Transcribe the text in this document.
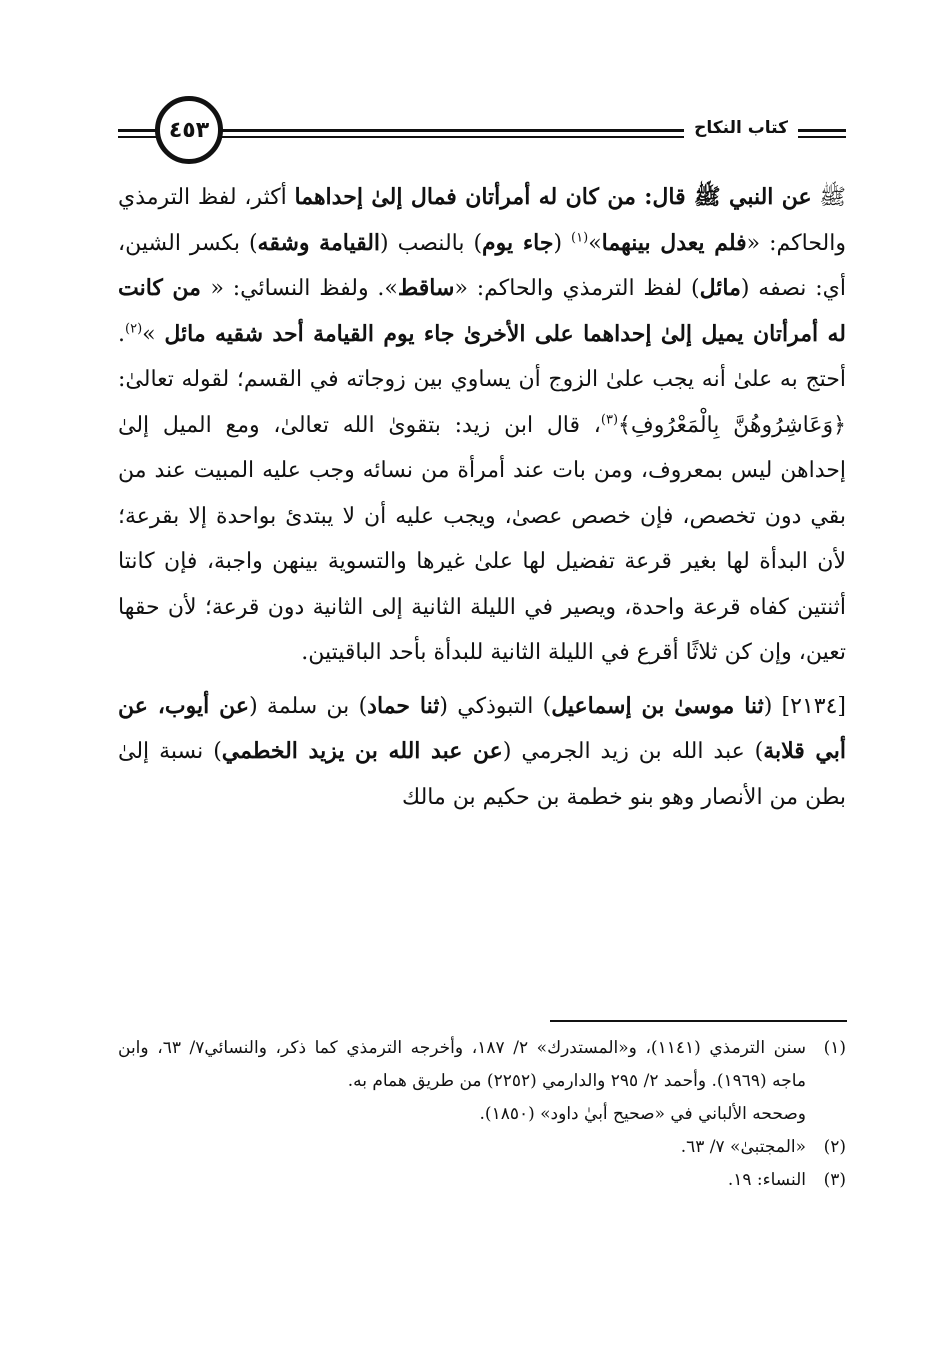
كتاب النكاح
٤٥٣

ﷺ عن النبي ﷺ قال: من كان له أمرأتان فمال إلىٰ إحداهما أكثر، لفظ الترمذي والحاكم: «فلم يعدل بينهما»$^{(١)}$ (جاء يوم) بالنصب (القيامة وشقه) بكسر الشين، أي: نصفه (مائل) لفظ الترمذي والحاكم: «ساقط». ولفظ النسائي: « من كانت له أمرأتان يميل إلىٰ إحداهما على الأخرىٰ جاء يوم القيامة أحد شقيه مائل »$^{(٢)}$. أحتج به علىٰ أنه يجب علىٰ الزوج أن يساوي بين زوجاته في القسم؛ لقوله تعالىٰ: ﴿وَعَاشِرُوهُنَّ بِالْمَعْرُوفِ﴾$^{(٣)}$، قال ابن زيد: بتقوىٰ الله تعالىٰ، ومع الميل إلىٰ إحداهن ليس بمعروف، ومن بات عند أمرأة من نسائه وجب عليه المبيت عند من بقي دون تخصص، فإن خصص عصىٰ، ويجب عليه أن لا يبتدئ بواحدة إلا بقرعة؛ لأن البدأة لها بغير قرعة تفضيل لها علىٰ غيرها والتسوية بينهن واجبة، فإن كانتا أثنتين كفاه قرعة واحدة، ويصير في الليلة الثانية إلى الثانية دون قرعة؛ لأن حقها تعين، وإن كن ثلاثًا أقرع في الليلة الثانية للبدأة بأحد الباقيتين.

[٢١٣٤] (ثنا موسىٰ بن إسماعيل) التبوذكي (ثنا حماد) بن سلمة (عن أيوب، عن أبي قلابة) عبد الله بن زيد الجرمي (عن عبد الله بن يزيد الخطمي) نسبة إلىٰ بطن من الأنصار وهو بنو خطمة بن حكيم بن مالك

(١)
سنن الترمذي (١١٤١)، و«المستدرك» ٢/ ١٨٧، وأخرجه الترمذي كما ذكر، والنسائي٧/ ٦٣، وابن ماجه (١٩٦٩). وأحمد ٢/ ٢٩٥ والدارمي (٢٢٥٢) من طريق همام به.
وصححه الألباني في «صحيح أبيٰ داود» (١٨٥٠).
(٢)
«المجتبىٰ» ٧/ ٦٣.
(٣)
النساء: ١٩.
